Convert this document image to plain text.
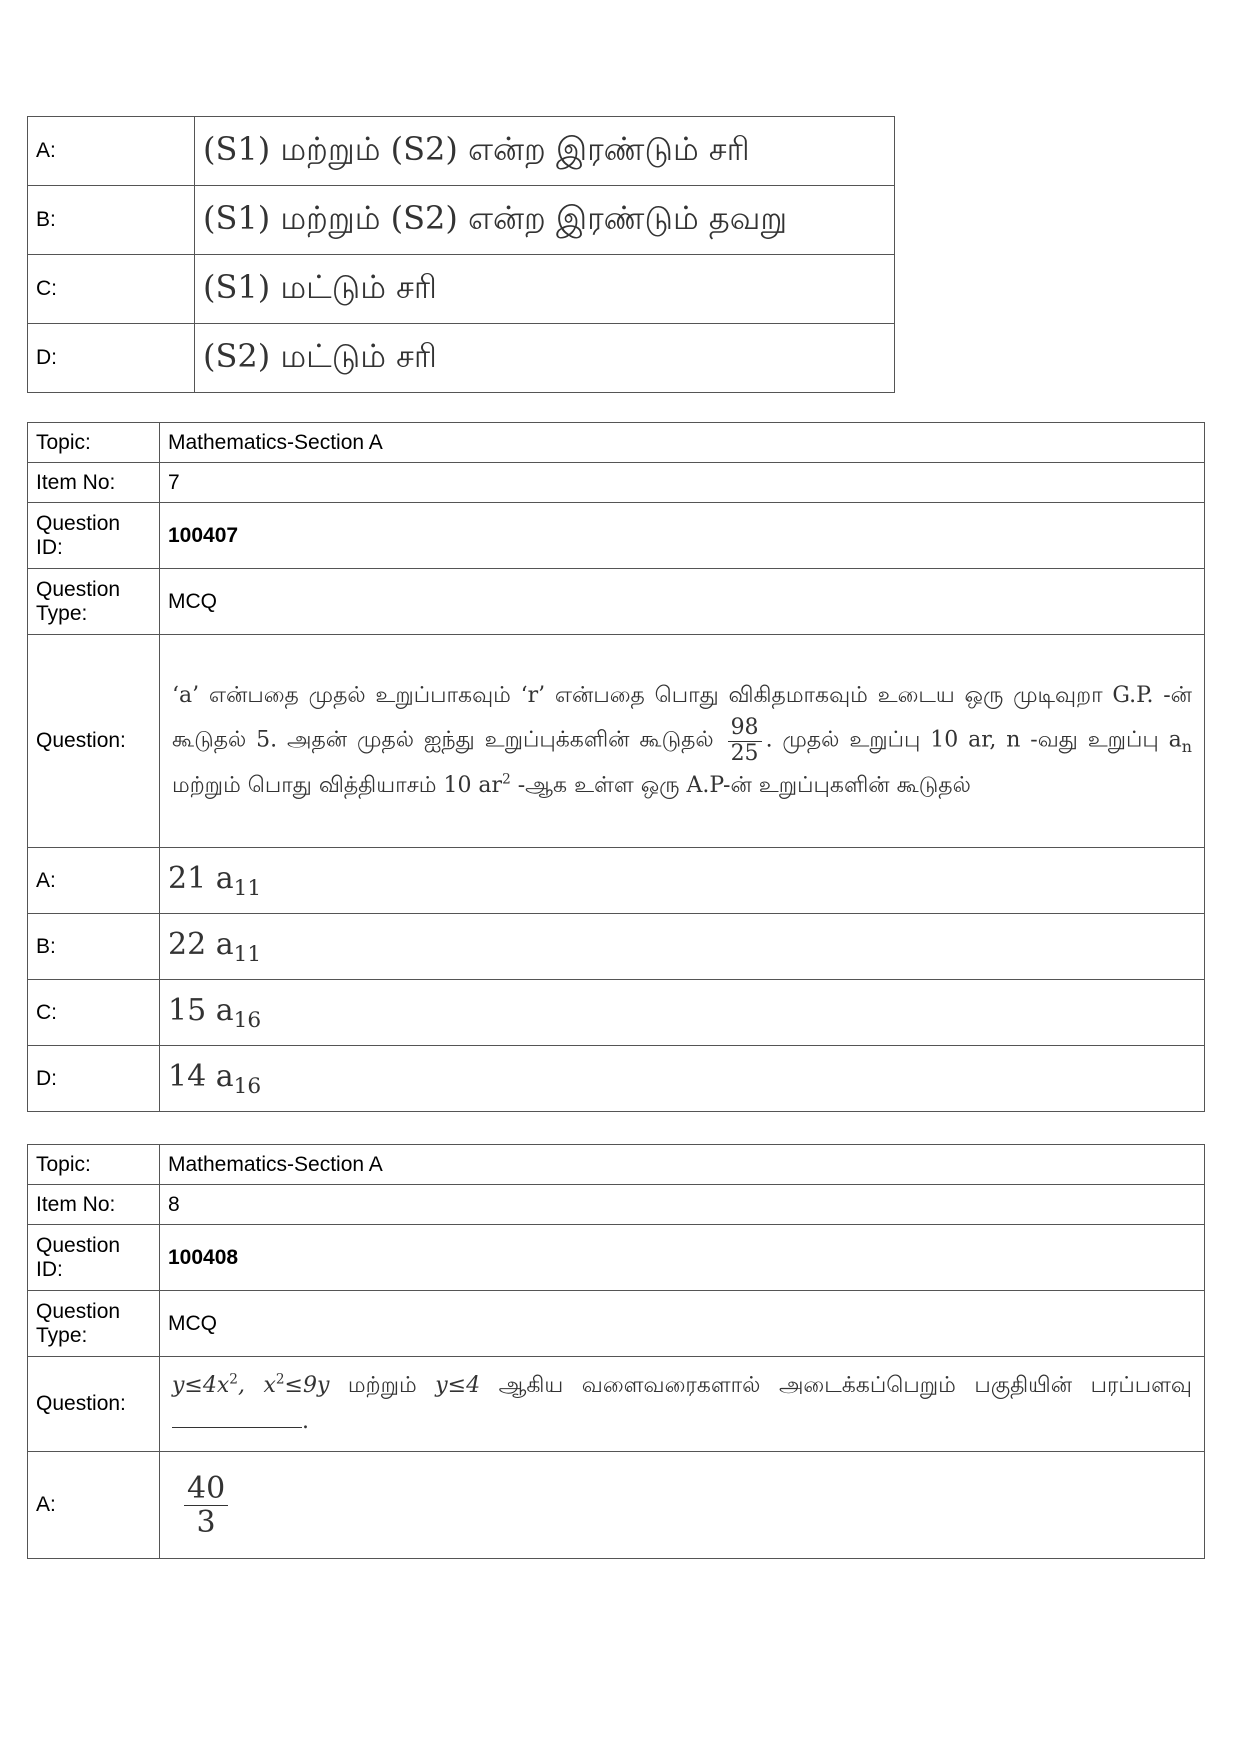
A:	(S1) மற்றும் (S2) என்ற இரண்டும் சரி
B:	(S1) மற்றும் (S2) என்ற இரண்டும் தவறு
C:	(S1) மட்டும் சரி
D:	(S2) மட்டும் சரி
Topic:	Mathematics-Section A
Item No:	7
Question ID:	100407
Question Type:	MCQ
Question:	‘a’ என்பதை முதல் உறுப்பாகவும் ‘r’ என்பதை பொது விகிதமாகவும் உடைய ஒரு முடிவுறா G.P. -ன் கூடுதல் 5. அதன் முதல் ஐந்து உறுப்புக்களின் கூடுதல் $\frac{98}{25}$ . முதல் உறுப்பு 10 ar, n -வது உறுப்பு $a_n$ மற்றும் பொது வித்தியாசம் 10 $ar^2$ -ஆக உள்ள ஒரு A.P-ன் உறுப்புகளின் கூடுதல்
A:	21 $a_{11}$
B:	22 $a_{11}$
C:	15 $a_{16}$
D:	14 $a_{16}$
Topic:	Mathematics-Section A
Item No:	8
Question ID:	100408
Question Type:	MCQ
Question:	$y\le 4x^2$, $x^2\le 9y$ மற்றும் y≤4 ஆகிய வளைவரைகளால் அடைக்கப்பெறும் பகுதியின் பரப்பளவு .
A:	$\frac{40}{3}$
